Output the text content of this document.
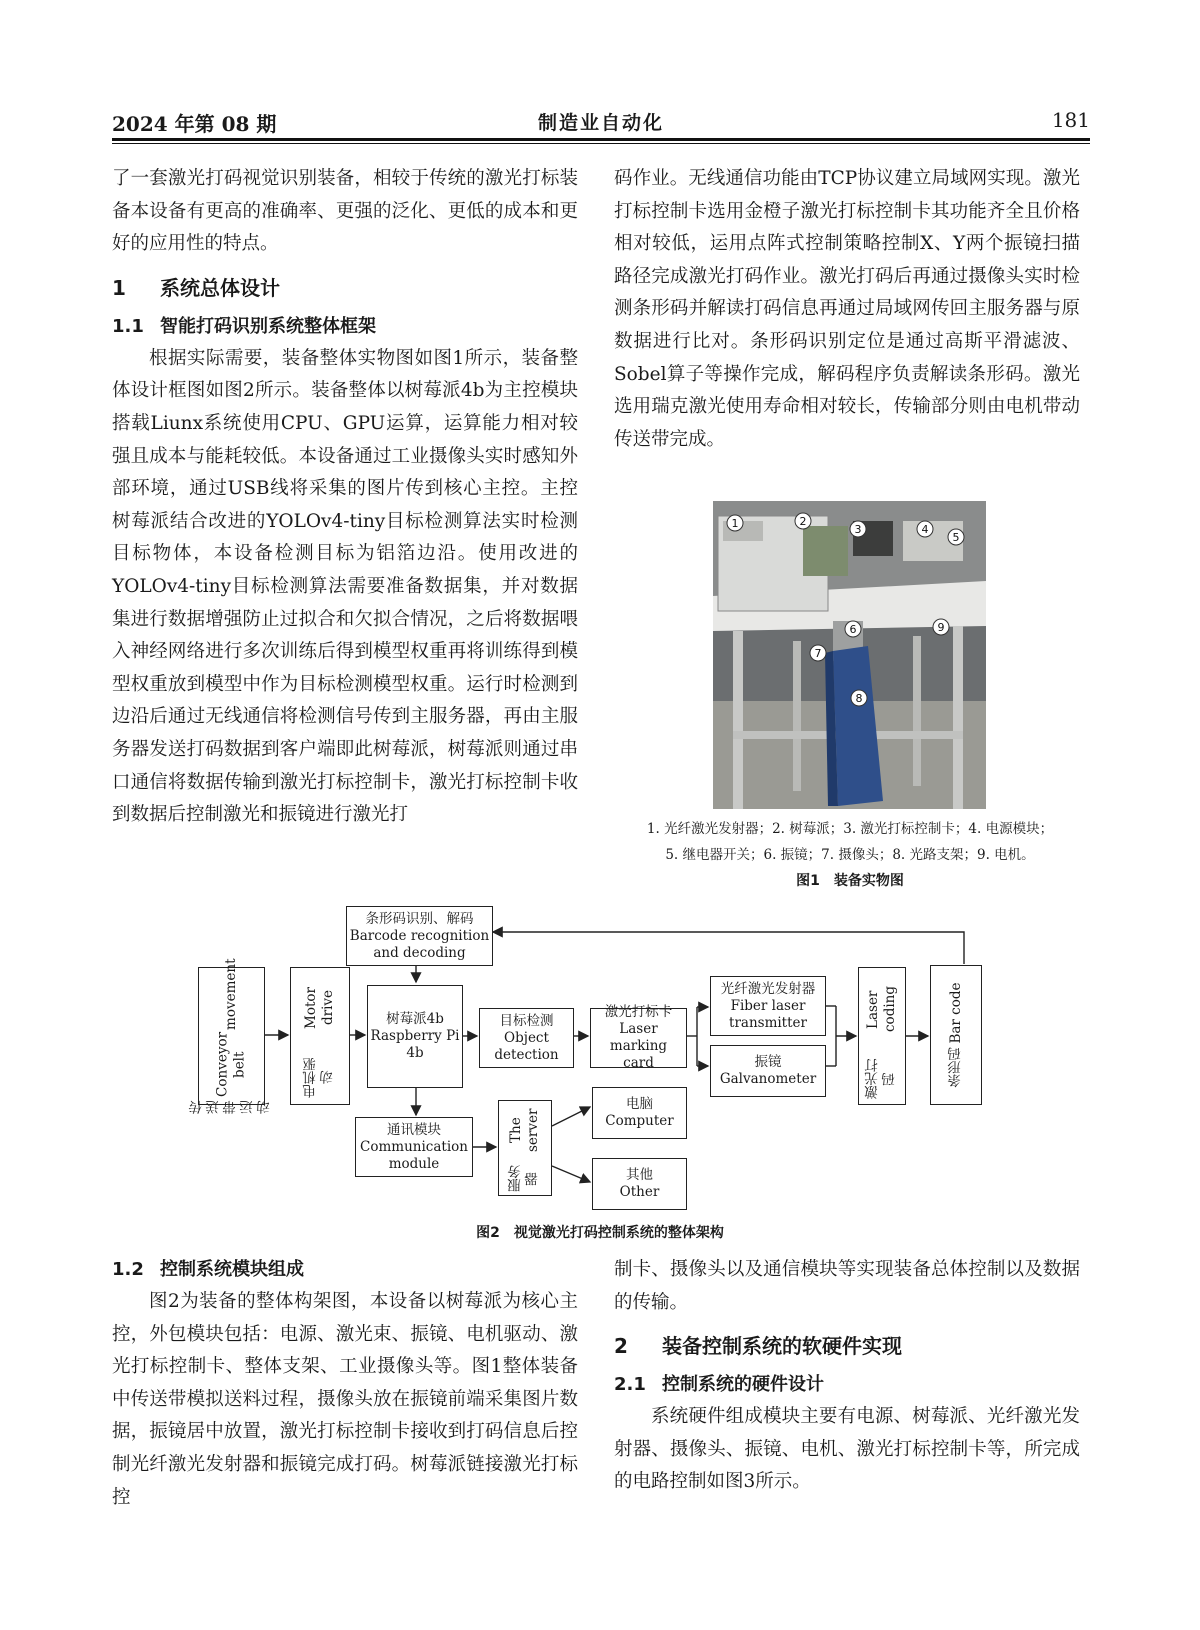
2024 年第 08 期	制造业自动化	181

了一套激光打码视觉识别装备，相较于传统的激光打标装备本设备有更高的准确率、更强的泛化、更低的成本和更好的应用性的特点。

1 系统总体设计
1.1 智能打码识别系统整体框架

根据实际需要，装备整体实物图如图1所示，装备整体设计框图如图2所示。装备整体以树莓派4b为主控模块搭载Liunx系统使用CPU、GPU运算，运算能力相对较强且成本与能耗较低。本设备通过工业摄像头实时感知外部环境，通过USB线将采集的图片传到核心主控。主控树莓派结合改进的YOLOv4-tiny目标检测算法实时检测目标物体，本设备检测目标为铝箔边沿。使用改进的YOLOv4-tiny目标检测算法需要准备数据集，并对数据集进行数据增强防止过拟合和欠拟合情况，之后将数据喂入神经网络进行多次训练后得到模型权重再将训练得到模型权重放到模型中作为目标检测模型权重。运行时检测到边沿后通过无线通信将检测信号传到主服务器，再由主服务器发送打码数据到客户端即此树莓派，树莓派则通过串口通信将数据传输到激光打标控制卡，激光打标控制卡收到数据后控制激光和振镜进行激光打

码作业。无线通信功能由TCP协议建立局域网实现。激光打标控制卡选用金橙子激光打标控制卡其功能齐全且价格相对较低，运用点阵式控制策略控制X、Y两个振镜扫描路径完成激光打码作业。激光打码后再通过摄像头实时检测条形码并解读打码信息再通过局域网传回主服务器与原数据进行比对。条形码识别定位是通过高斯平滑滤波、Sobel算子等操作完成，解码程序负责解读条形码。激光选用瑞克激光使用寿命相对较长，传输部分则由电机带动传送带完成。

1	2
3	4
5
6
7
8
9
1. 光纤激光发射器；2. 树莓派；3. 激光打标控制卡；4. 电源模块；
5. 继电器开关；6. 振镜；7. 摄像头；8. 光路支架；9. 电机。
图1　装备实物图
条形码识别、解码
Barcode recognition
and decoding
传送带运动
Conveyor belt
movement
电机驱动
Motor drive	树莓派4b
Raspberry Pi
4b
目标检测
Object
detection
激光打标卡
Laser marking
card
光纤激光发射器
Fiber laser
transmitter
振镜
Galvanometer	激光打码
Laser coding
条形码
Bar code
通讯模块
Communication
module
服务器
The server
电脑
Computer
其他
Other
图2　视觉激光打码控制系统的整体架构
1.2 控制系统模块组成

图2为装备的整体构架图，本设备以树莓派为核心主控，外包模块包括：电源、激光束、振镜、电机驱动、激光打标控制卡、整体支架、工业摄像头等。图1整体装备中传送带模拟送料过程，摄像头放在振镜前端采集图片数据，振镜居中放置，激光打标控制卡接收到打码信息后控制光纤激光发射器和振镜完成打码。树莓派链接激光打标控

制卡、摄像头以及通信模块等实现装备总体控制以及数据的传输。

2 装备控制系统的软硬件实现
2.1 控制系统的硬件设计

系统硬件组成模块主要有电源、树莓派、光纤激光发射器、摄像头、振镜、电机、激光打标控制卡等，所完成的电路控制如图3所示。
